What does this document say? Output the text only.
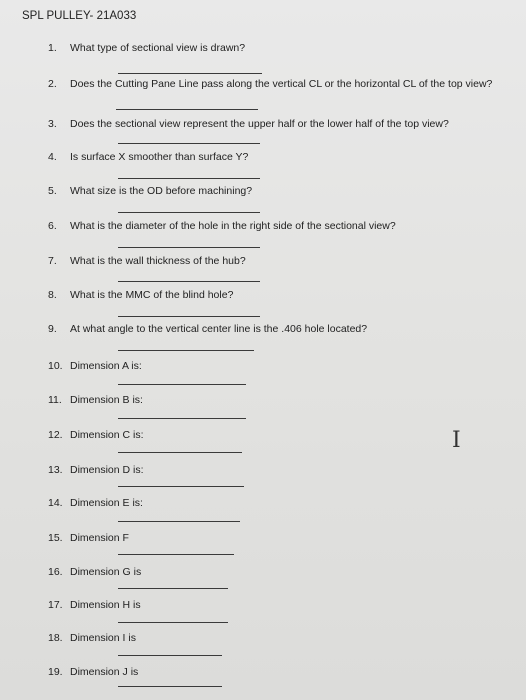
SPL PULLEY- 21A033
1. What type of sectional view is drawn?
2. Does the Cutting Pane Line pass along the vertical CL or the horizontal CL of the top view?
3. Does the sectional view represent the upper half or the lower half of the top view?
4. Is surface X smoother than surface Y?
5. What size is the OD before machining?
6. What is the diameter of the hole in the right side of the sectional view?
7. What is the wall thickness of the hub?
8. What is the MMC of the blind hole?
9. At what angle to the vertical center line is the .406 hole located?
10. Dimension A is:
11. Dimension B is:
12. Dimension C is:
13. Dimension D is:
14. Dimension E is:
15. Dimension F
16. Dimension G is
17. Dimension H is
18. Dimension I is
19. Dimension J is
I
